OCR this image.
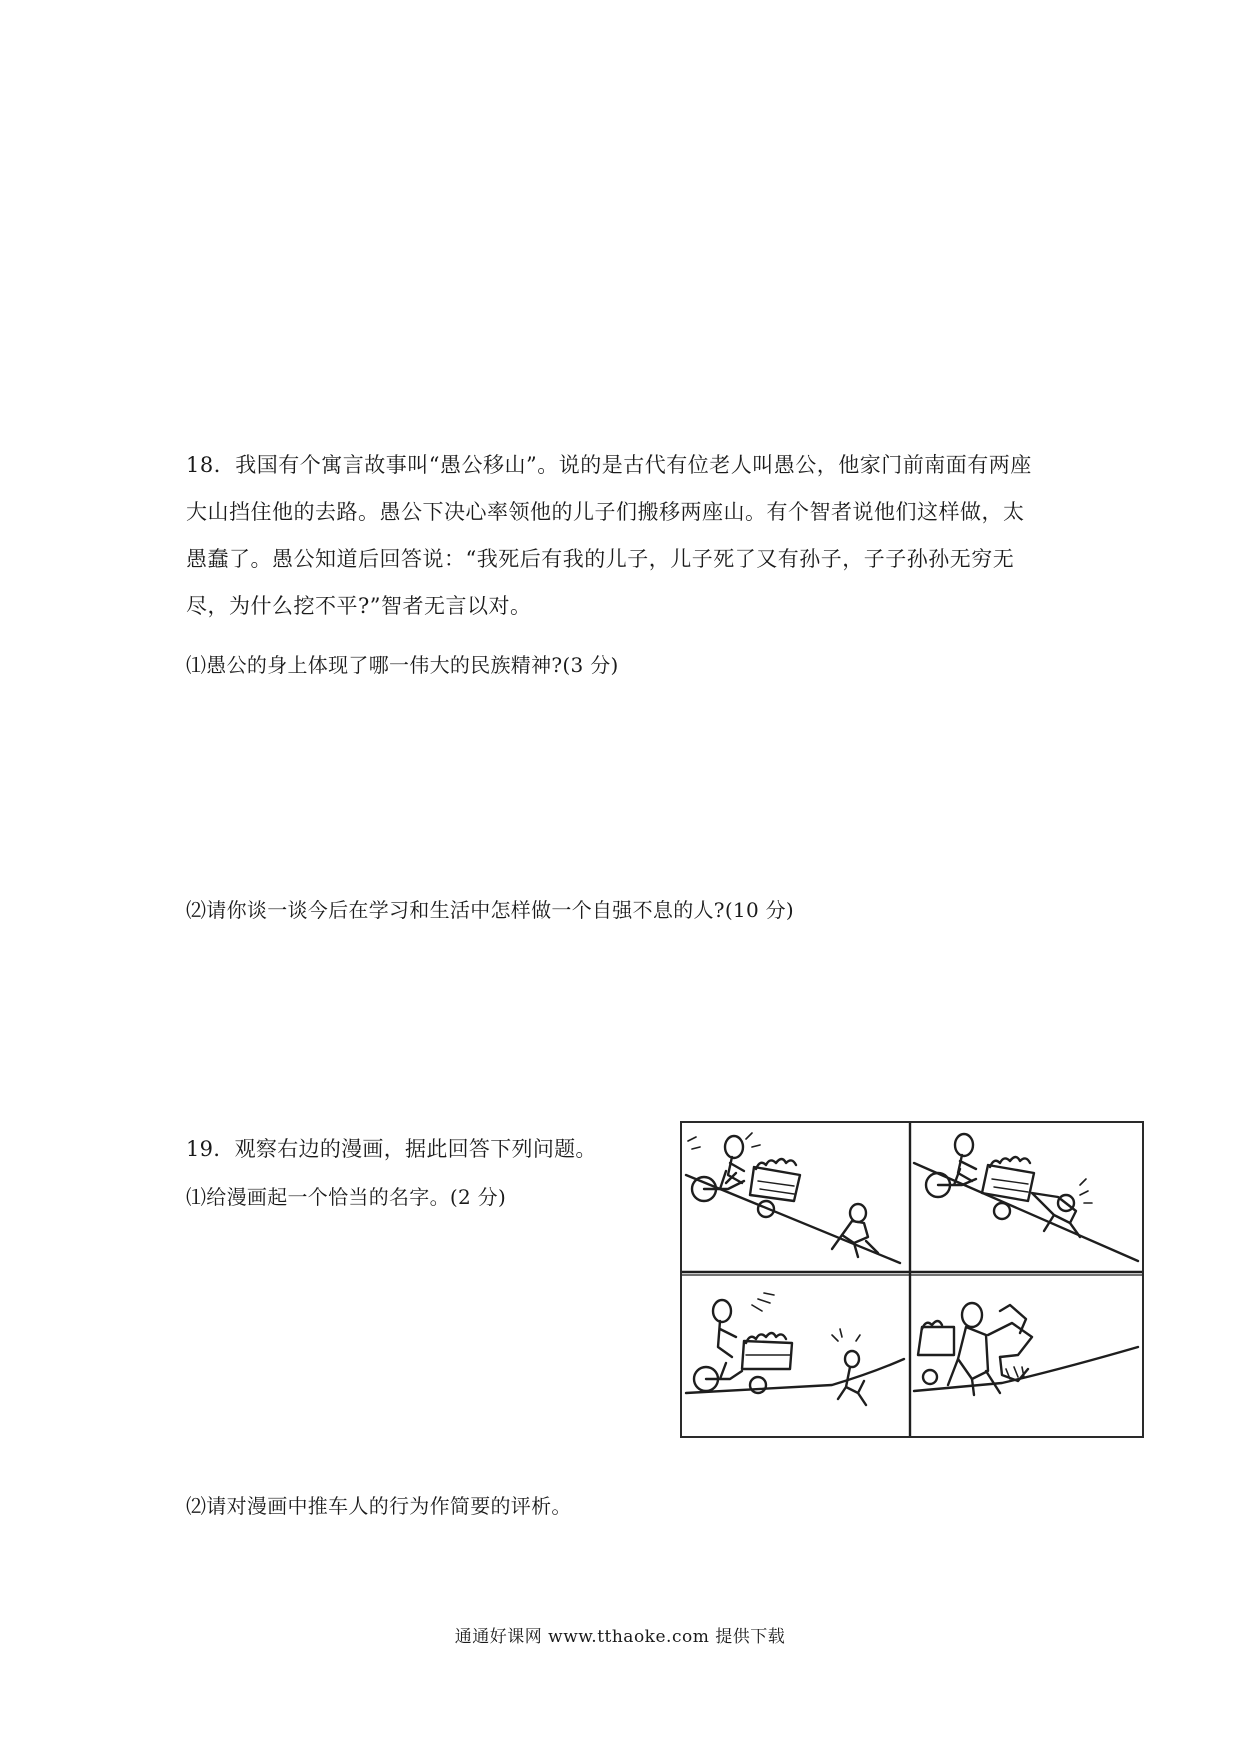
18．我国有个寓言故事叫“愚公移山”。说的是古代有位老人叫愚公，他家门前南面有两座

大山挡住他的去路。愚公下决心率领他的儿子们搬移两座山。有个智者说他们这样做，太

愚蠢了。愚公知道后回答说：“我死后有我的儿子，儿子死了又有孙子，子子孙孙无穷无

尽，为什么挖不平?”智者无言以对。

⑴愚公的身上体现了哪一伟大的民族精神?(3 分)

⑵请你谈一谈今后在学习和生活中怎样做一个自强不息的人?(10 分)

19．观察右边的漫画，据此回答下列问题。

⑴给漫画起一个恰当的名字。(2 分)

⑵请对漫画中推车人的行为作简要的评析。

通通好课网 www.tthaoke.com 提供下载
